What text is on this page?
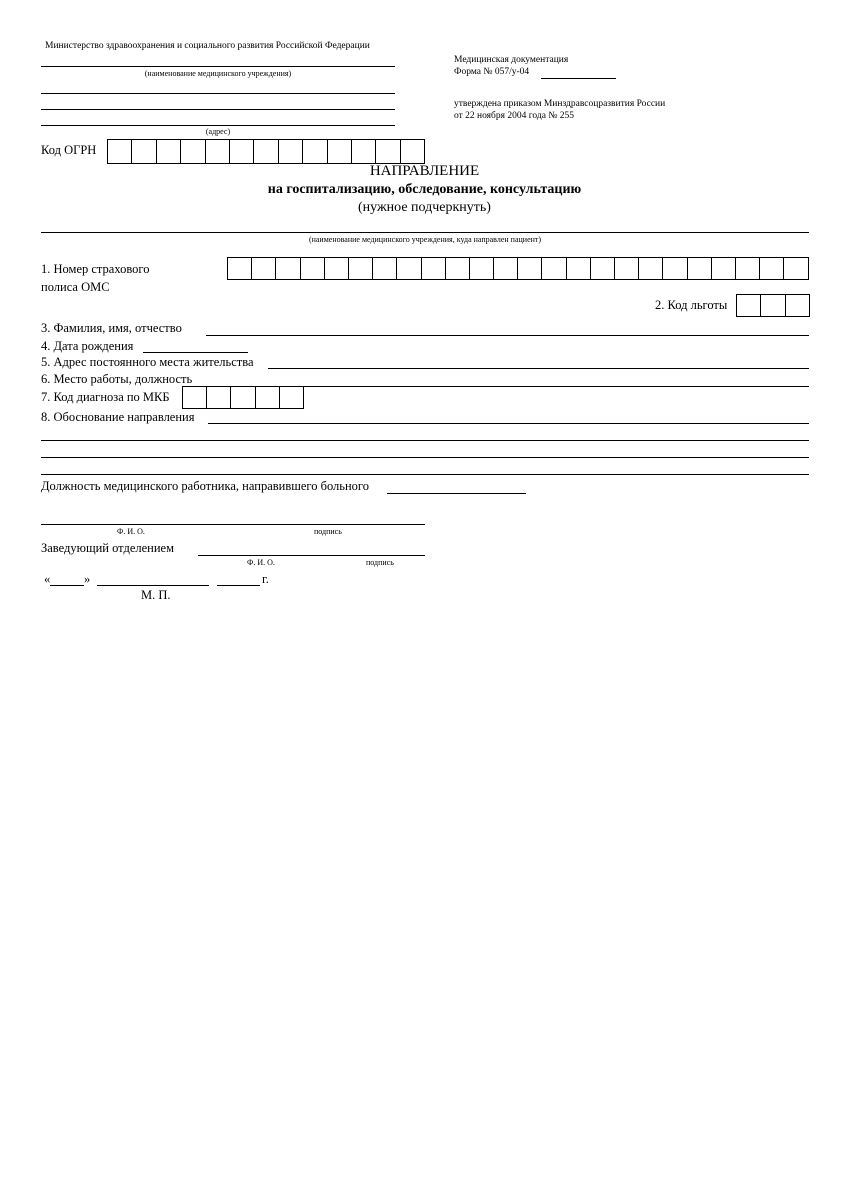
Министерство здравоохранения и социального развития Российской Федерации
(наименование медицинского учреждения)
(адрес)
Код ОГРН
Медицинская документация
Форма № 057/у-04
утверждена приказом Минздравсоцразвития России
от 22 ноября 2004 года № 255
НАПРАВЛЕНИЕ
на госпитализацию, обследование, консультацию
(нужное подчеркнуть)
(наименование медицинского учреждения, куда направлен пациент)
1. Номер страхового
полиса ОМС
2. Код льготы
3. Фамилия, имя, отчество
4. Дата рождения
5. Адрес постоянного места жительства
6. Место работы, должность
7. Код диагноза по МКБ
8. Обоснование направления
Должность медицинского работника, направившего больного
Ф. И. О.	подпись
Заведующий отделением
Ф. И. О.	подпись
«	»	г.
М. П.
